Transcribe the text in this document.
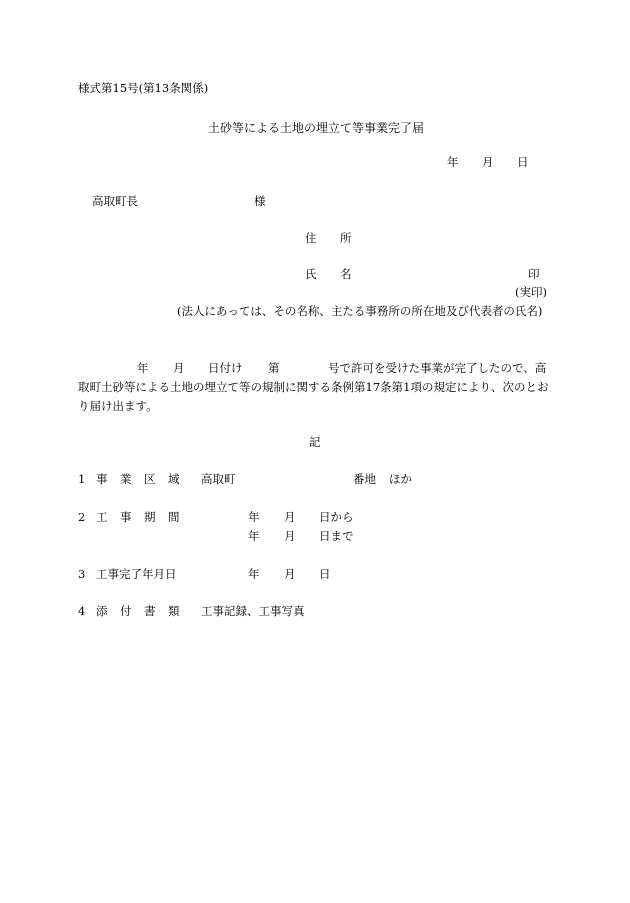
様式第15号(第13条関係)
土砂等による土地の埋立て等事業完了届
年 月 日
高取町長	様
住 所
氏 名	印
(実印)
(法人にあっては、その名称、主たる事務所の所在地及び代表者の氏名)
年 月 日付け 第	号で許可を受けた事業が完了したので、高
取町土砂等による土地の埋立て等の規制に関する条例第17条第1項の規定により、次のとお
り届け出ます。
記
1 事 業 区 域 高取町	番地 ほか
2 工 事 期 間	年 月 日から
年 月 日まで
3 工事完了年月日	年 月 日
4 添 付 書 類 工事記録、工事写真
